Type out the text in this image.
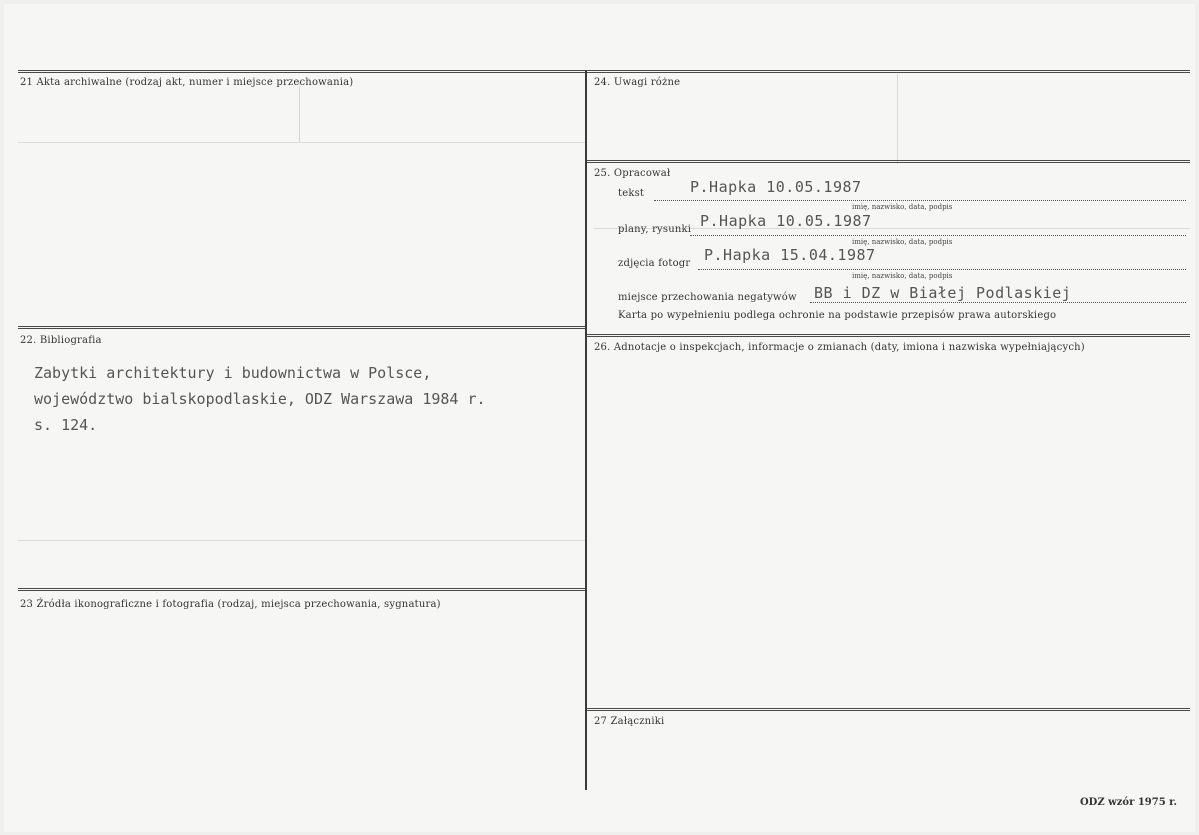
21 Akta archiwalne (rodzaj akt, numer i miejsce przechowania)
22. Bibliografia
Zabytki architektury i budownictwa w Polsce,
województwo bialskopodlaskie, ODZ Warszawa 1984 r.
s. 124.
23 Źródła ikonograficzne i fotografia (rodzaj, miejsca przechowania, sygnatura)
24. Uwagi różne
25. Opracował
tekst	P.Hapka 10.05.1987
imię, nazwisko, data, podpis
plany, rysunki P.Hapka 10.05.1987
imię, nazwisko, data, podpis
zdjęcia fotogr P.Hapka 15.04.1987
imię, nazwisko, data, podpis
miejsce przechowania negatywów BB i DZ w Białej Podlaskiej
Karta po wypełnieniu podlega ochronie na podstawie przepisów prawa autorskiego
26. Adnotacje o inspekcjach, informacje o zmianach (daty, imiona i nazwiska wypełniających)
27 Załączniki
ODZ wzór 1975 r.
